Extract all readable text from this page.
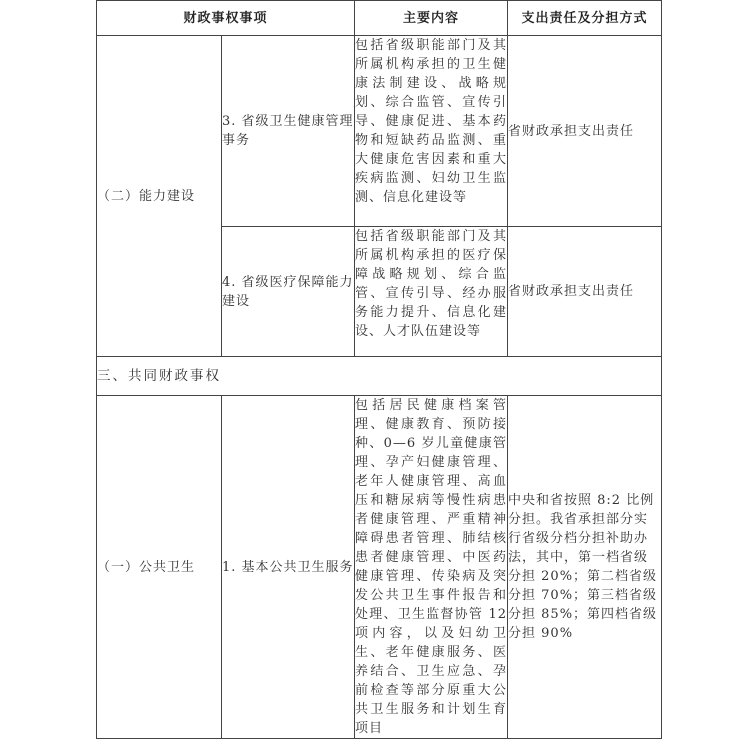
财政事权事项		主要内容	支出责任及分担方式
（二）能力建设	3. 省级卫生健康管理事务	包括省级职能部门及其所属机构承担的卫生健康法制建设、战略规划、综合监管、宣传引导、健康促进、基本药物和短缺药品监测、重大健康危害因素和重大疾病监测、妇幼卫生监测、信息化建设等	省财政承担支出责任
	4. 省级医疗保障能力建设	包括省级职能部门及其所属机构承担的医疗保障战略规划、综合监管、宣传引导、经办服务能力提升、信息化建设、人才队伍建设等	省财政承担支出责任
三、共同财政事权			
（一）公共卫生	1. 基本公共卫生服务	包括居民健康档案管理、健康教育、预防接种、0—6 岁儿童健康管理、孕产妇健康管理、老年人健康管理、高血压和糖尿病等慢性病患者健康管理、严重精神障碍患者管理、肺结核患者健康管理、中医药健康管理、传染病及突发公共卫生事件报告和处理、卫生监督协管 12 项内容，以及妇幼卫生、老年健康服务、医养结合、卫生应急、孕前检查等部分原重大公共卫生服务和计划生育项目	中央和省按照 8:2 比例分担。我省承担部分实行省级分档分担补助办法，其中，第一档省级分担 20%；第二档省级分担 70%；第三档省级分担 85%；第四档省级分担 90%
